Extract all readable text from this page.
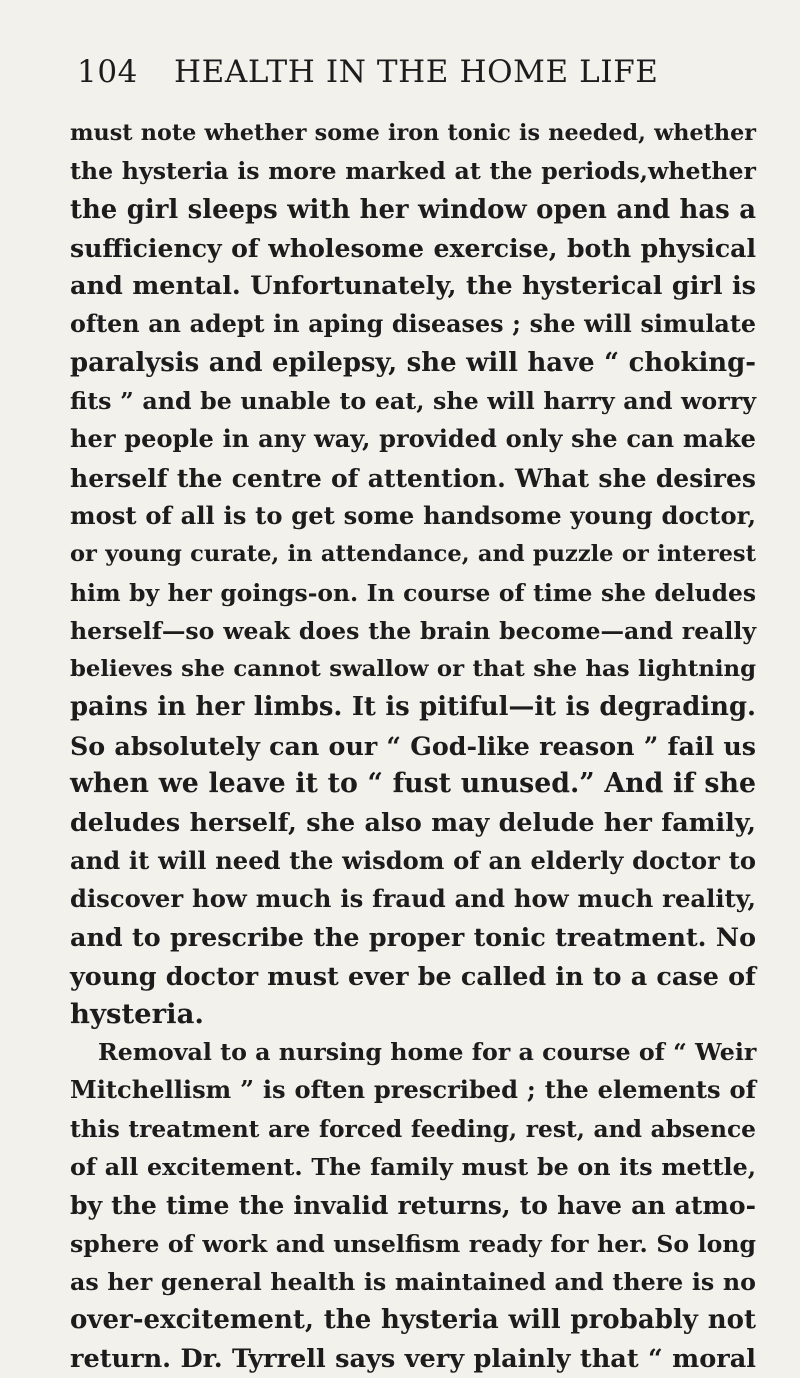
104 HEALTH IN THE HOME LIFE
must note whether some iron tonic is needed, whether
the hysteria is more marked at the periods,whether
the girl sleeps with her window open and has a
sufficiency of wholesome exercise, both physical
and mental. Unfortunately, the hysterical girl is
often an adept in aping diseases ; she will simulate
paralysis and epilepsy, she will have “ choking-
fits ” and be unable to eat, she will harry and worry
her people in any way, provided only she can make
herself the centre of attention. What she desires
most of all is to get some handsome young doctor,
or young curate, in attendance, and puzzle or interest
him by her goings-on. In course of time she deludes
herself—so weak does the brain become—and really
believes she cannot swallow or that she has lightning
pains in her limbs. It is pitiful—it is degrading.
So absolutely can our “ God-like reason ” fail us
when we leave it to “ fust unused.” And if she
deludes herself, she also may delude her family,
and it will need the wisdom of an elderly doctor to
discover how much is fraud and how much reality,
and to prescribe the proper tonic treatment. No
young doctor must ever be called in to a case of
hysteria.
Removal to a nursing home for a course of “ Weir
Mitchellism ” is often prescribed ; the elements of
this treatment are forced feeding, rest, and absence
of all excitement. The family must be on its mettle,
by the time the invalid returns, to have an atmo-
sphere of work and unselfism ready for her. So long
as her general health is maintained and there is no
over-excitement, the hysteria will probably not
return. Dr. Tyrrell says very plainly that “ moral
